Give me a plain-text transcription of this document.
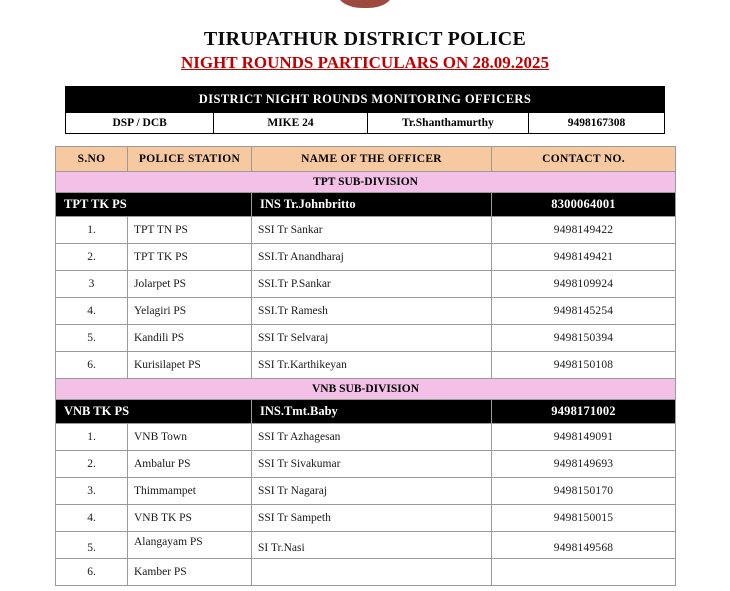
TIRUPATHUR DISTRICT POLICE
NIGHT ROUNDS PARTICULARS ON 28.09.2025
DISTRICT NIGHT ROUNDS MONITORING OFFICERS
DSP / DCB	MIKE 24	Tr.Shanthamurthy	9498167308
S.NO	POLICE STATION	NAME OF THE OFFICER	CONTACT NO.
TPT SUB-DIVISION			
TPT TK PS		INS Tr.Johnbritto	8300064001
1.	TPT TN PS	SSI Tr Sankar	9498149422
2.	TPT TK PS	SSI.Tr Anandharaj	9498149421
3	Jolarpet PS	SSI.Tr P.Sankar	9498109924
4.	Yelagiri PS	SSI.Tr Ramesh	9498145254
5.	Kandili PS	SSI Tr Selvaraj	9498150394
6.	Kurisilapet PS	SSI Tr.Karthikeyan	9498150108
VNB SUB-DIVISION			
VNB TK PS		INS.Tmt.Baby	9498171002
1.	VNB Town	SSI Tr Azhagesan	9498149091
2.	Ambalur PS	SSI Tr Sivakumar	9498149693
3.	Thimmampet	SSI Tr Nagaraj	9498150170
4.	VNB TK PS	SSI Tr Sampeth	9498150015
5.	Alangayam PS	SI Tr.Nasi	9498149568
6.	Kamber PS		
